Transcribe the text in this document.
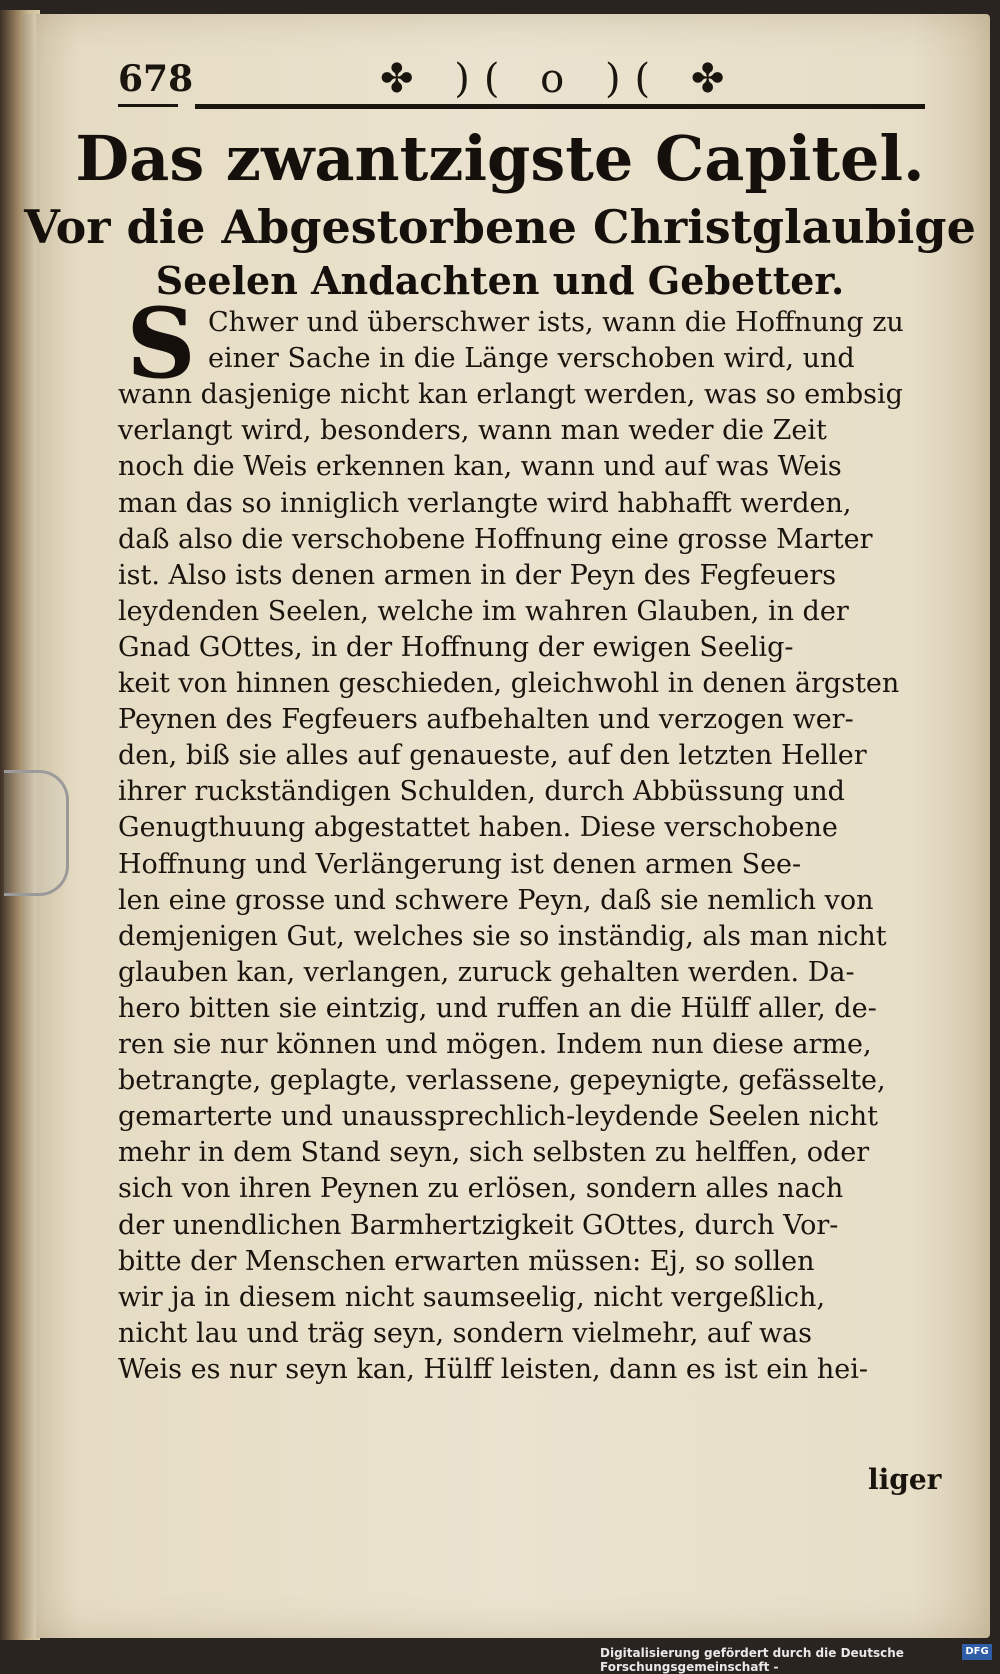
678	✤ )( o )( ✤
Das zwantzigste Capitel.
Vor die Abgestorbene Christglaubige
Seelen Andachten und Gebetter.
S Chwer und überschwer ists, wann die Hoffnung zu
einer Sache in die Länge verschoben wird, und
wann dasjenige nicht kan erlangt werden, was so embsig
verlangt wird, besonders, wann man weder die Zeit
noch die Weis erkennen kan, wann und auf was Weis
man das so inniglich verlangte wird habhafft werden,
daß also die verschobene Hoffnung eine grosse Marter
ist. Also ists denen armen in der Peyn des Fegfeuers
leydenden Seelen, welche im wahren Glauben, in der
Gnad GOttes, in der Hoffnung der ewigen Seelig-
keit von hinnen geschieden, gleichwohl in denen ärgsten
Peynen des Fegfeuers aufbehalten und verzogen wer-
den, biß sie alles auf genaueste, auf den letzten Heller
ihrer ruckständigen Schulden, durch Abbüssung und
Genugthuung abgestattet haben. Diese verschobene
Hoffnung und Verlängerung ist denen armen See-
len eine grosse und schwere Peyn, daß sie nemlich von
demjenigen Gut, welches sie so inständig, als man nicht
glauben kan, verlangen, zuruck gehalten werden. Da-
hero bitten sie eintzig, und ruffen an die Hülff aller, de-
ren sie nur können und mögen. Indem nun diese arme,
betrangte, geplagte, verlassene, gepeynigte, gefässelte,
gemarterte und unaussprechlich-leydende Seelen nicht
mehr in dem Stand seyn, sich selbsten zu helffen, oder
sich von ihren Peynen zu erlösen, sondern alles nach
der unendlichen Barmhertzigkeit GOttes, durch Vor-
bitte der Menschen erwarten müssen: Ej, so sollen
wir ja in diesem nicht saumseelig, nicht vergeßlich,
nicht lau und träg seyn, sondern vielmehr, auf was
Weis es nur seyn kan, Hülff leisten, dann es ist ein hei-
liger
Digitalisierung gefördert durch die Deutsche Forschungsgemeinschaft -
DFG
